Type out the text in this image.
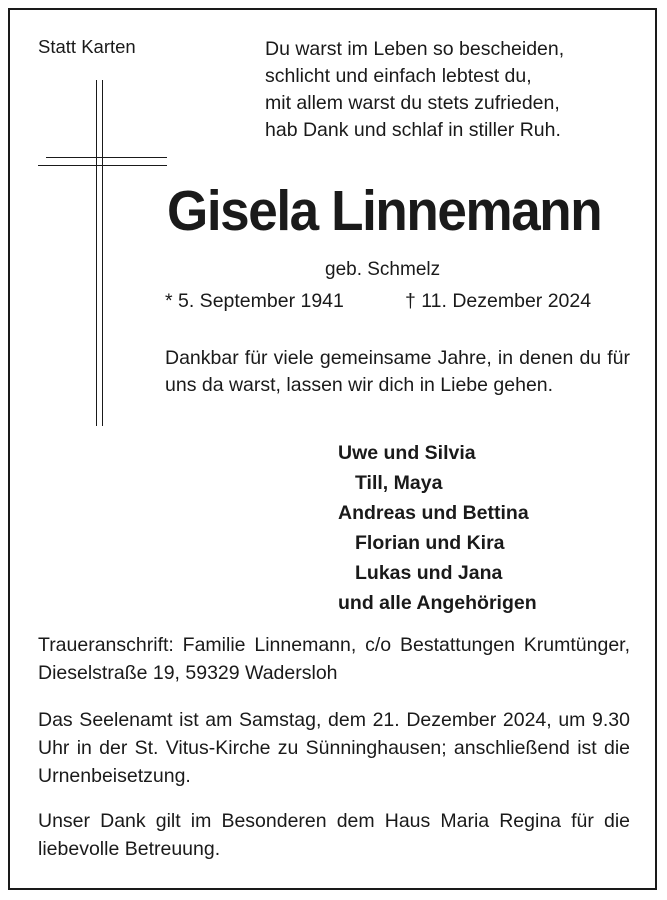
Statt Karten	Du warst im Leben so bescheiden,
schlicht und einfach lebtest du,
mit allem warst du stets zufrieden,
hab Dank und schlaf in stiller Ruh.
Gisela Linnemann
geb. Schmelz
* 5. September 1941	† 11. Dezember 2024
Dankbar für viele gemeinsame Jahre, in denen du für uns da warst, lassen wir dich in Liebe gehen.
Uwe und Silvia
Till, Maya
Andreas und Bettina
Florian und Kira
Lukas und Jana
und alle Angehörigen
Traueranschrift: Familie Linnemann, c/o Bestattungen Krumtünger, Dieselstraße 19, 59329 Wadersloh
Das Seelenamt ist am Samstag, dem 21. Dezember 2024, um 9.30 Uhr in der St. Vitus-Kirche zu Sünninghausen; anschließend ist die Urnenbeisetzung.
Unser Dank gilt im Besonderen dem Haus Maria Regina für die liebevolle Betreuung.
